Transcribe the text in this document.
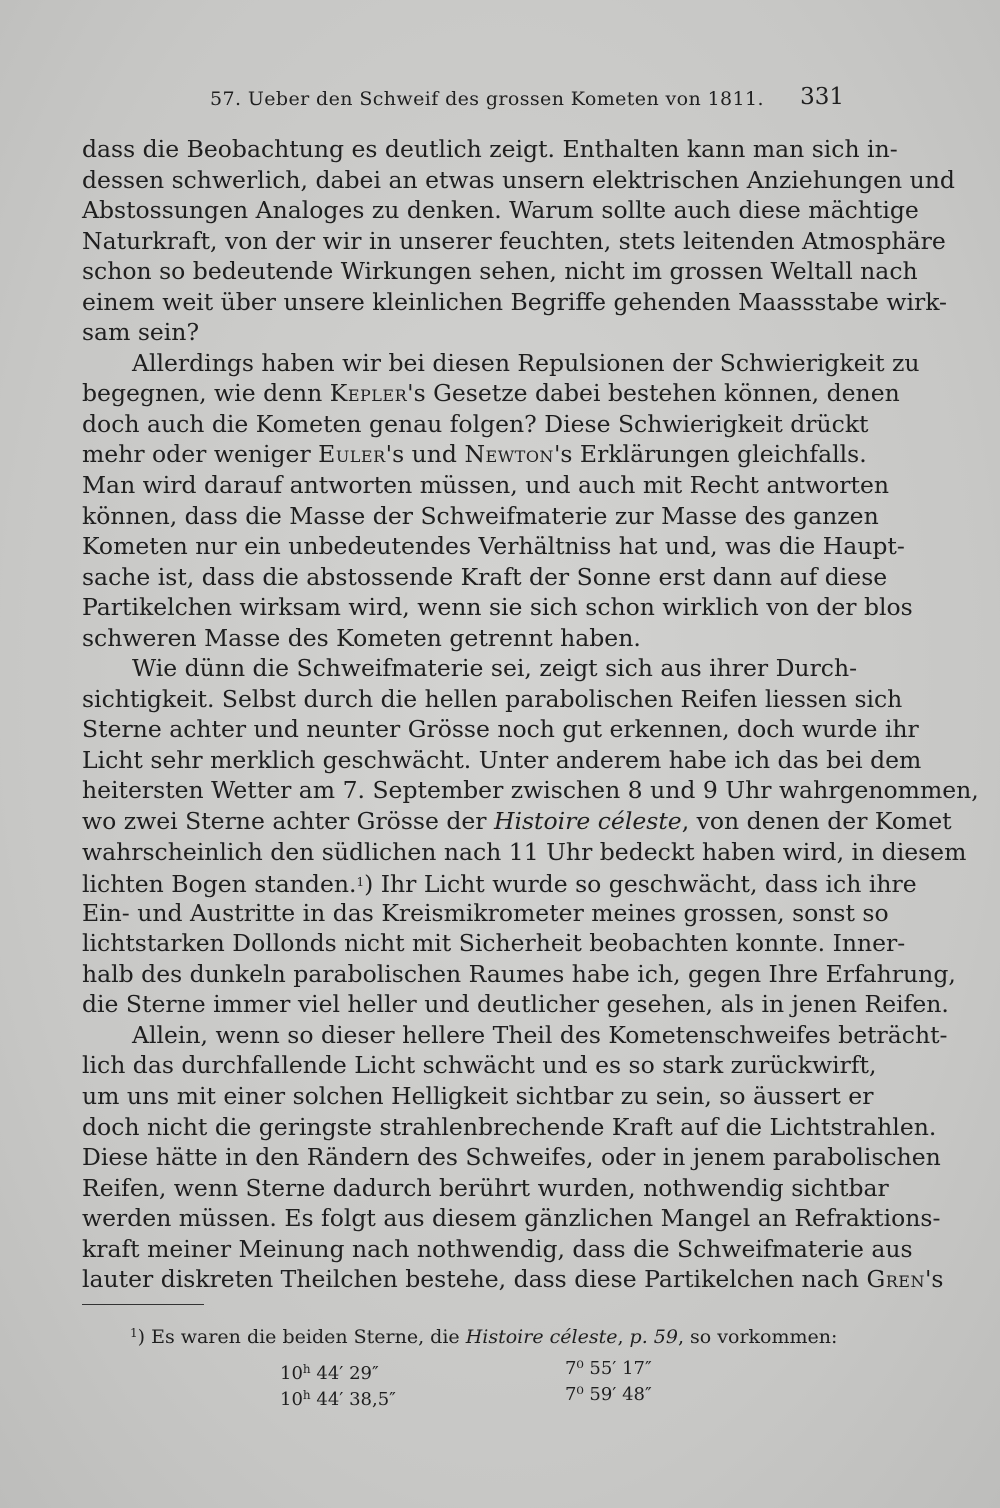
57. Ueber den Schweif des grossen Kometen von 1811. 331
dass die Beobachtung es deutlich zeigt. Enthalten kann man sich in-
dessen schwerlich, dabei an etwas unsern elektrischen Anziehungen und
Abstossungen Analoges zu denken. Warum sollte auch diese mächtige
Naturkraft, von der wir in unserer feuchten, stets leitenden Atmosphäre
schon so bedeutende Wirkungen sehen, nicht im grossen Weltall nach
einem weit über unsere kleinlichen Begriffe gehenden Maassstabe wirk-
sam sein?
Allerdings haben wir bei diesen Repulsionen der Schwierigkeit zu
begegnen, wie denn Kepler's Gesetze dabei bestehen können, denen
doch auch die Kometen genau folgen? Diese Schwierigkeit drückt
mehr oder weniger Euler's und Newton's Erklärungen gleichfalls.
Man wird darauf antworten müssen, und auch mit Recht antworten
können, dass die Masse der Schweifmaterie zur Masse des ganzen
Kometen nur ein unbedeutendes Verhältniss hat und, was die Haupt-
sache ist, dass die abstossende Kraft der Sonne erst dann auf diese
Partikelchen wirksam wird, wenn sie sich schon wirklich von der blos
schweren Masse des Kometen getrennt haben.
Wie dünn die Schweifmaterie sei, zeigt sich aus ihrer Durch-
sichtigkeit. Selbst durch die hellen parabolischen Reifen liessen sich
Sterne achter und neunter Grösse noch gut erkennen, doch wurde ihr
Licht sehr merklich geschwächt. Unter anderem habe ich das bei dem
heitersten Wetter am 7. September zwischen 8 und 9 Uhr wahrgenommen,
wo zwei Sterne achter Grösse der Histoire céleste, von denen der Komet
wahrscheinlich den südlichen nach 11 Uhr bedeckt haben wird, in diesem
lichten Bogen standen.$^1$) Ihr Licht wurde so geschwächt, dass ich ihre
Ein- und Austritte in das Kreismikrometer meines grossen, sonst so
lichtstarken Dollonds nicht mit Sicherheit beobachten konnte. Inner-
halb des dunkeln parabolischen Raumes habe ich, gegen Ihre Erfahrung,
die Sterne immer viel heller und deutlicher gesehen, als in jenen Reifen.
Allein, wenn so dieser hellere Theil des Kometenschweifes beträcht-
lich das durchfallende Licht schwächt und es so stark zurückwirft,
um uns mit einer solchen Helligkeit sichtbar zu sein, so äussert er
doch nicht die geringste strahlenbrechende Kraft auf die Lichtstrahlen.
Diese hätte in den Rändern des Schweifes, oder in jenem parabolischen
Reifen, wenn Sterne dadurch berührt wurden, nothwendig sichtbar
werden müssen. Es folgt aus diesem gänzlichen Mangel an Refraktions-
kraft meiner Meinung nach nothwendig, dass die Schweifmaterie aus
lauter diskreten Theilchen bestehe, dass diese Partikelchen nach Gren's
$^1$) Es waren die beiden Sterne, die Histoire céleste, p. 59, so vorkommen:
10$^h$ 44′ 29″	7⁰ 55′ 17″
10$^h$ 44′ 38,5″	7⁰ 59′ 48″
